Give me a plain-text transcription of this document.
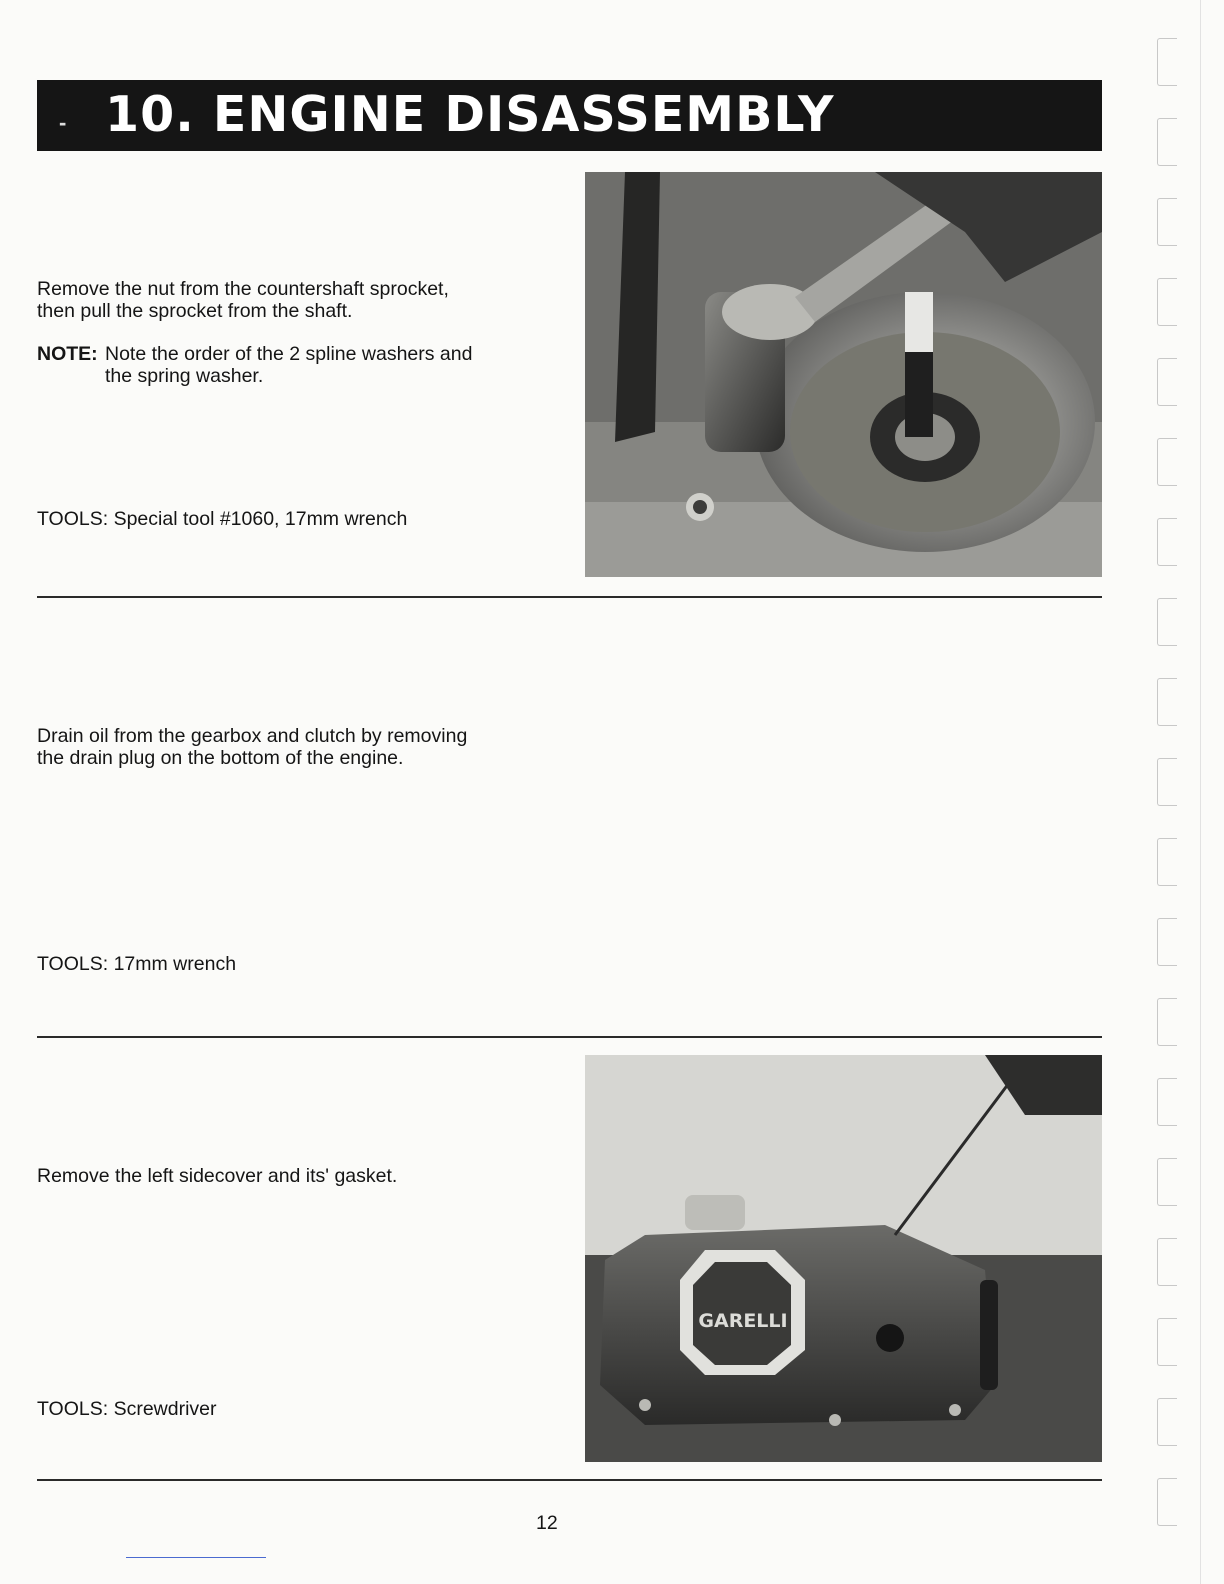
- 10. ENGINE DISASSEMBLY
Remove the nut from the countershaft sprocket,
then pull the sprocket from the shaft.
NOTE: Note the order of the 2 spline washers and
the spring washer.
TOOLS: Special tool #1060, 17mm wrench
Drain oil from the gearbox and clutch by removing
the drain plug on the bottom of the engine.
TOOLS: 17mm wrench
Remove the left sidecover and its' gasket.
TOOLS: Screwdriver
GARELLI
12
